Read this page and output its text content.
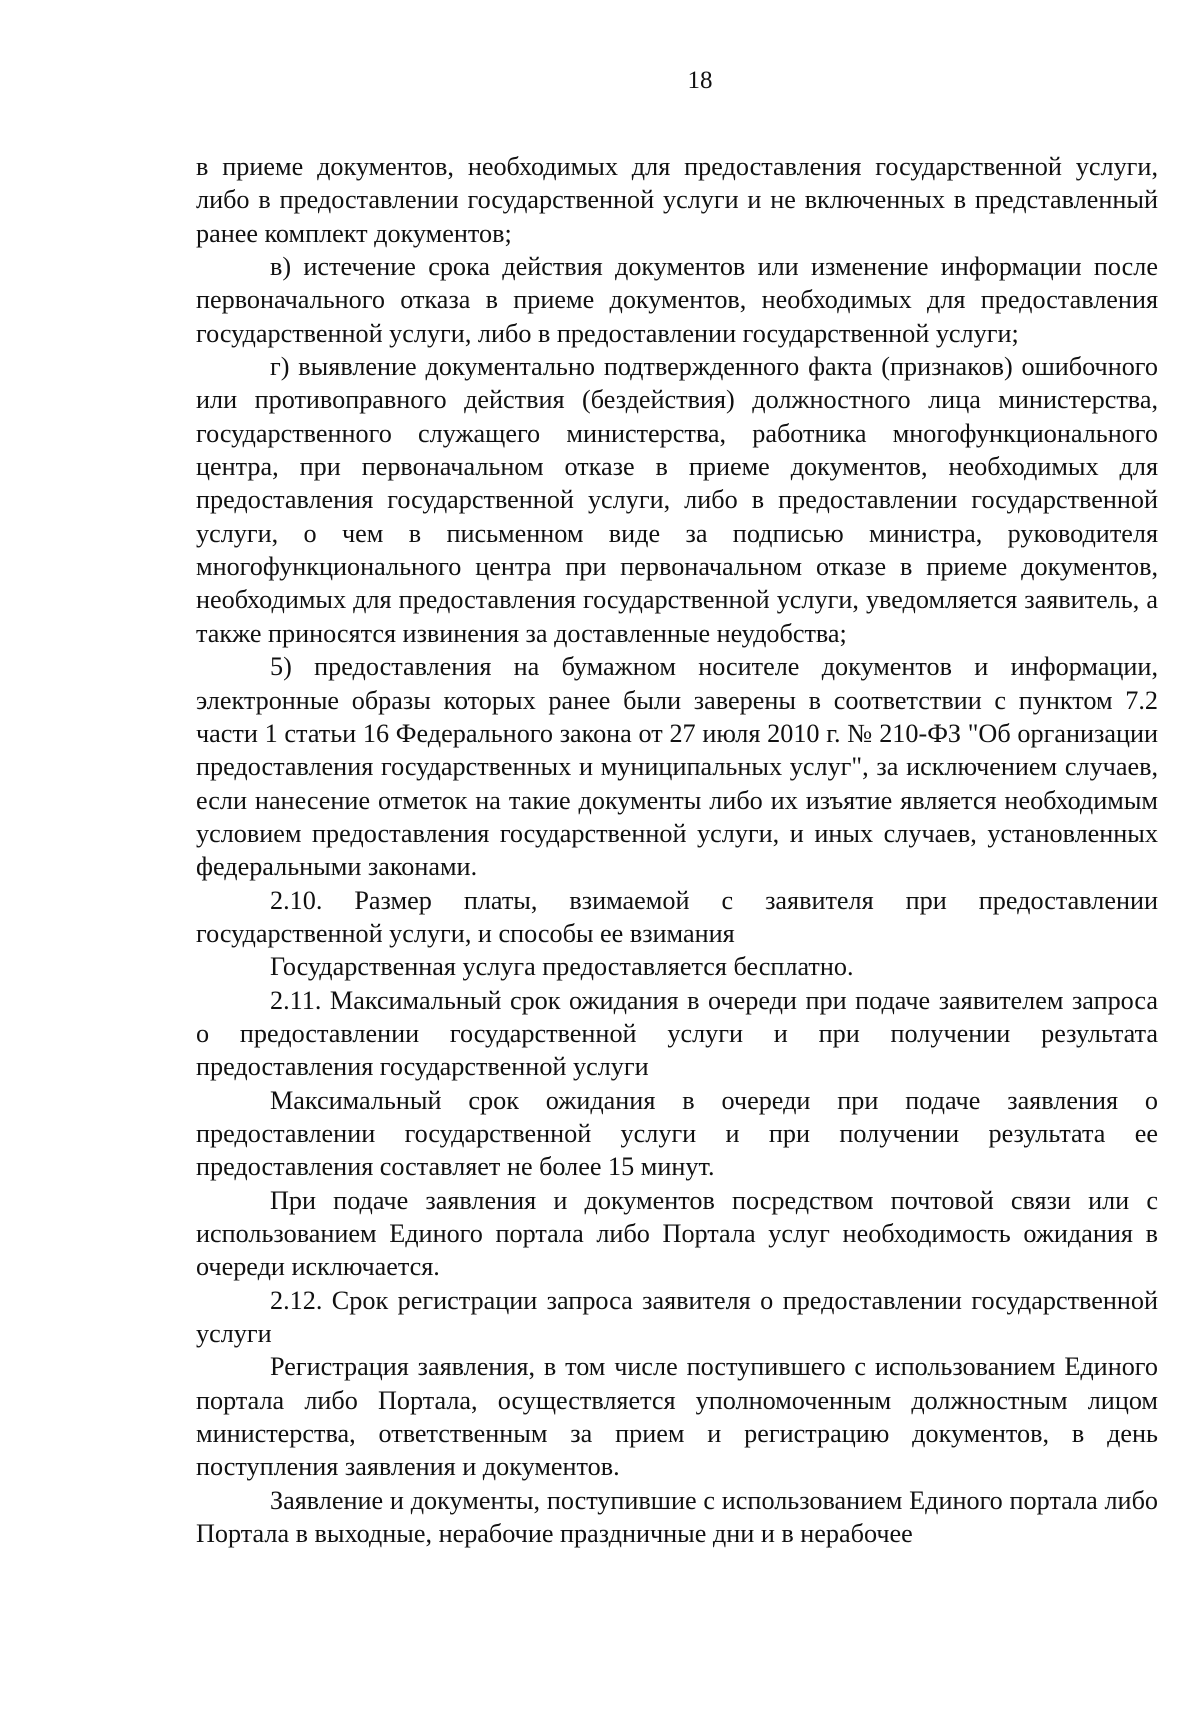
18

в приеме документов, необходимых для предоставления государственной услуги, либо в предоставлении государственной услуги и не включенных в представленный ранее комплект документов;

в) истечение срока действия документов или изменение информации после первоначального отказа в приеме документов, необходимых для предоставления государственной услуги, либо в предоставлении государственной услуги;

г) выявление документально подтвержденного факта (признаков) ошибочного или противоправного действия (бездействия) должностного лица министерства, государственного служащего министерства, работника многофункционального центра, при первоначальном отказе в приеме документов, необходимых для предоставления государственной услуги, либо в предоставлении государственной услуги, о чем в письменном виде за подписью министра, руководителя многофункционального центра при первоначальном отказе в приеме документов, необходимых для предоставления государственной услуги, уведомляется заявитель, а также приносятся извинения за доставленные неудобства;

5) предоставления на бумажном носителе документов и информации, электронные образы которых ранее были заверены в соответствии с пунктом 7.2 части 1 статьи 16 Федерального закона от 27 июля 2010 г. № 210-ФЗ "Об организации предоставления государственных и муниципальных услуг", за исключением случаев, если нанесение отметок на такие документы либо их изъятие является необходимым условием предоставления государственной услуги, и иных случаев, установленных федеральными законами.

2.10. Размер платы, взимаемой с заявителя при предоставлении государственной услуги, и способы ее взимания

Государственная услуга предоставляется бесплатно.

2.11. Максимальный срок ожидания в очереди при подаче заявителем запроса о предоставлении государственной услуги и при получении результата предоставления государственной услуги

Максимальный срок ожидания в очереди при подаче заявления о предоставлении государственной услуги и при получении результата ее предоставления составляет не более 15 минут.

При подаче заявления и документов посредством почтовой связи или с использованием Единого портала либо Портала услуг необходимость ожидания в очереди исключается.

2.12. Срок регистрации запроса заявителя о предоставлении государственной услуги

Регистрация заявления, в том числе поступившего с использованием Единого портала либо Портала, осуществляется уполномоченным должностным лицом министерства, ответственным за прием и регистрацию документов, в день поступления заявления и документов.

Заявление и документы, поступившие с использованием Единого портала либо Портала в выходные, нерабочие праздничные дни и в нерабочее
